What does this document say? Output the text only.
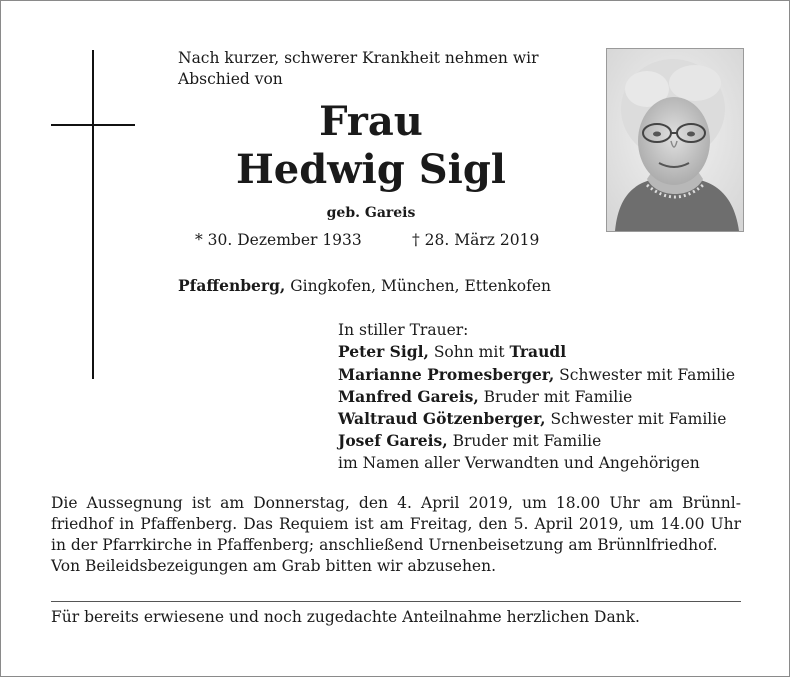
Nach kurzer, schwerer Krankheit nehmen wir Abschied von
Frau
Hedwig Sigl
geb. Gareis
* 30. Dezember 1933	† 28. März 2019
Pfaffenberg, Gingkofen, München, Ettenkofen
In stiller Trauer:
Peter Sigl, Sohn mit Traudl
Marianne Promesberger, Schwester mit Familie
Manfred Gareis, Bruder mit Familie
Waltraud Götzenberger, Schwester mit Familie
Josef Gareis, Bruder mit Familie
im Namen aller Verwandten und Angehörigen

Die Aussegnung ist am Donnerstag, den 4. April 2019, um 18.00 Uhr am Brünnlfriedhof in Pfaffenberg. Das Requiem ist am Freitag, den 5. April 2019, um 14.00 Uhr in der Pfarrkirche in Pfaffenberg; anschließend Urnenbeisetzung am Brünnlfriedhof.

Von Beileidsbezeigungen am Grab bitten wir abzusehen.

Für bereits erwiesene und noch zugedachte Anteilnahme herzlichen Dank.
